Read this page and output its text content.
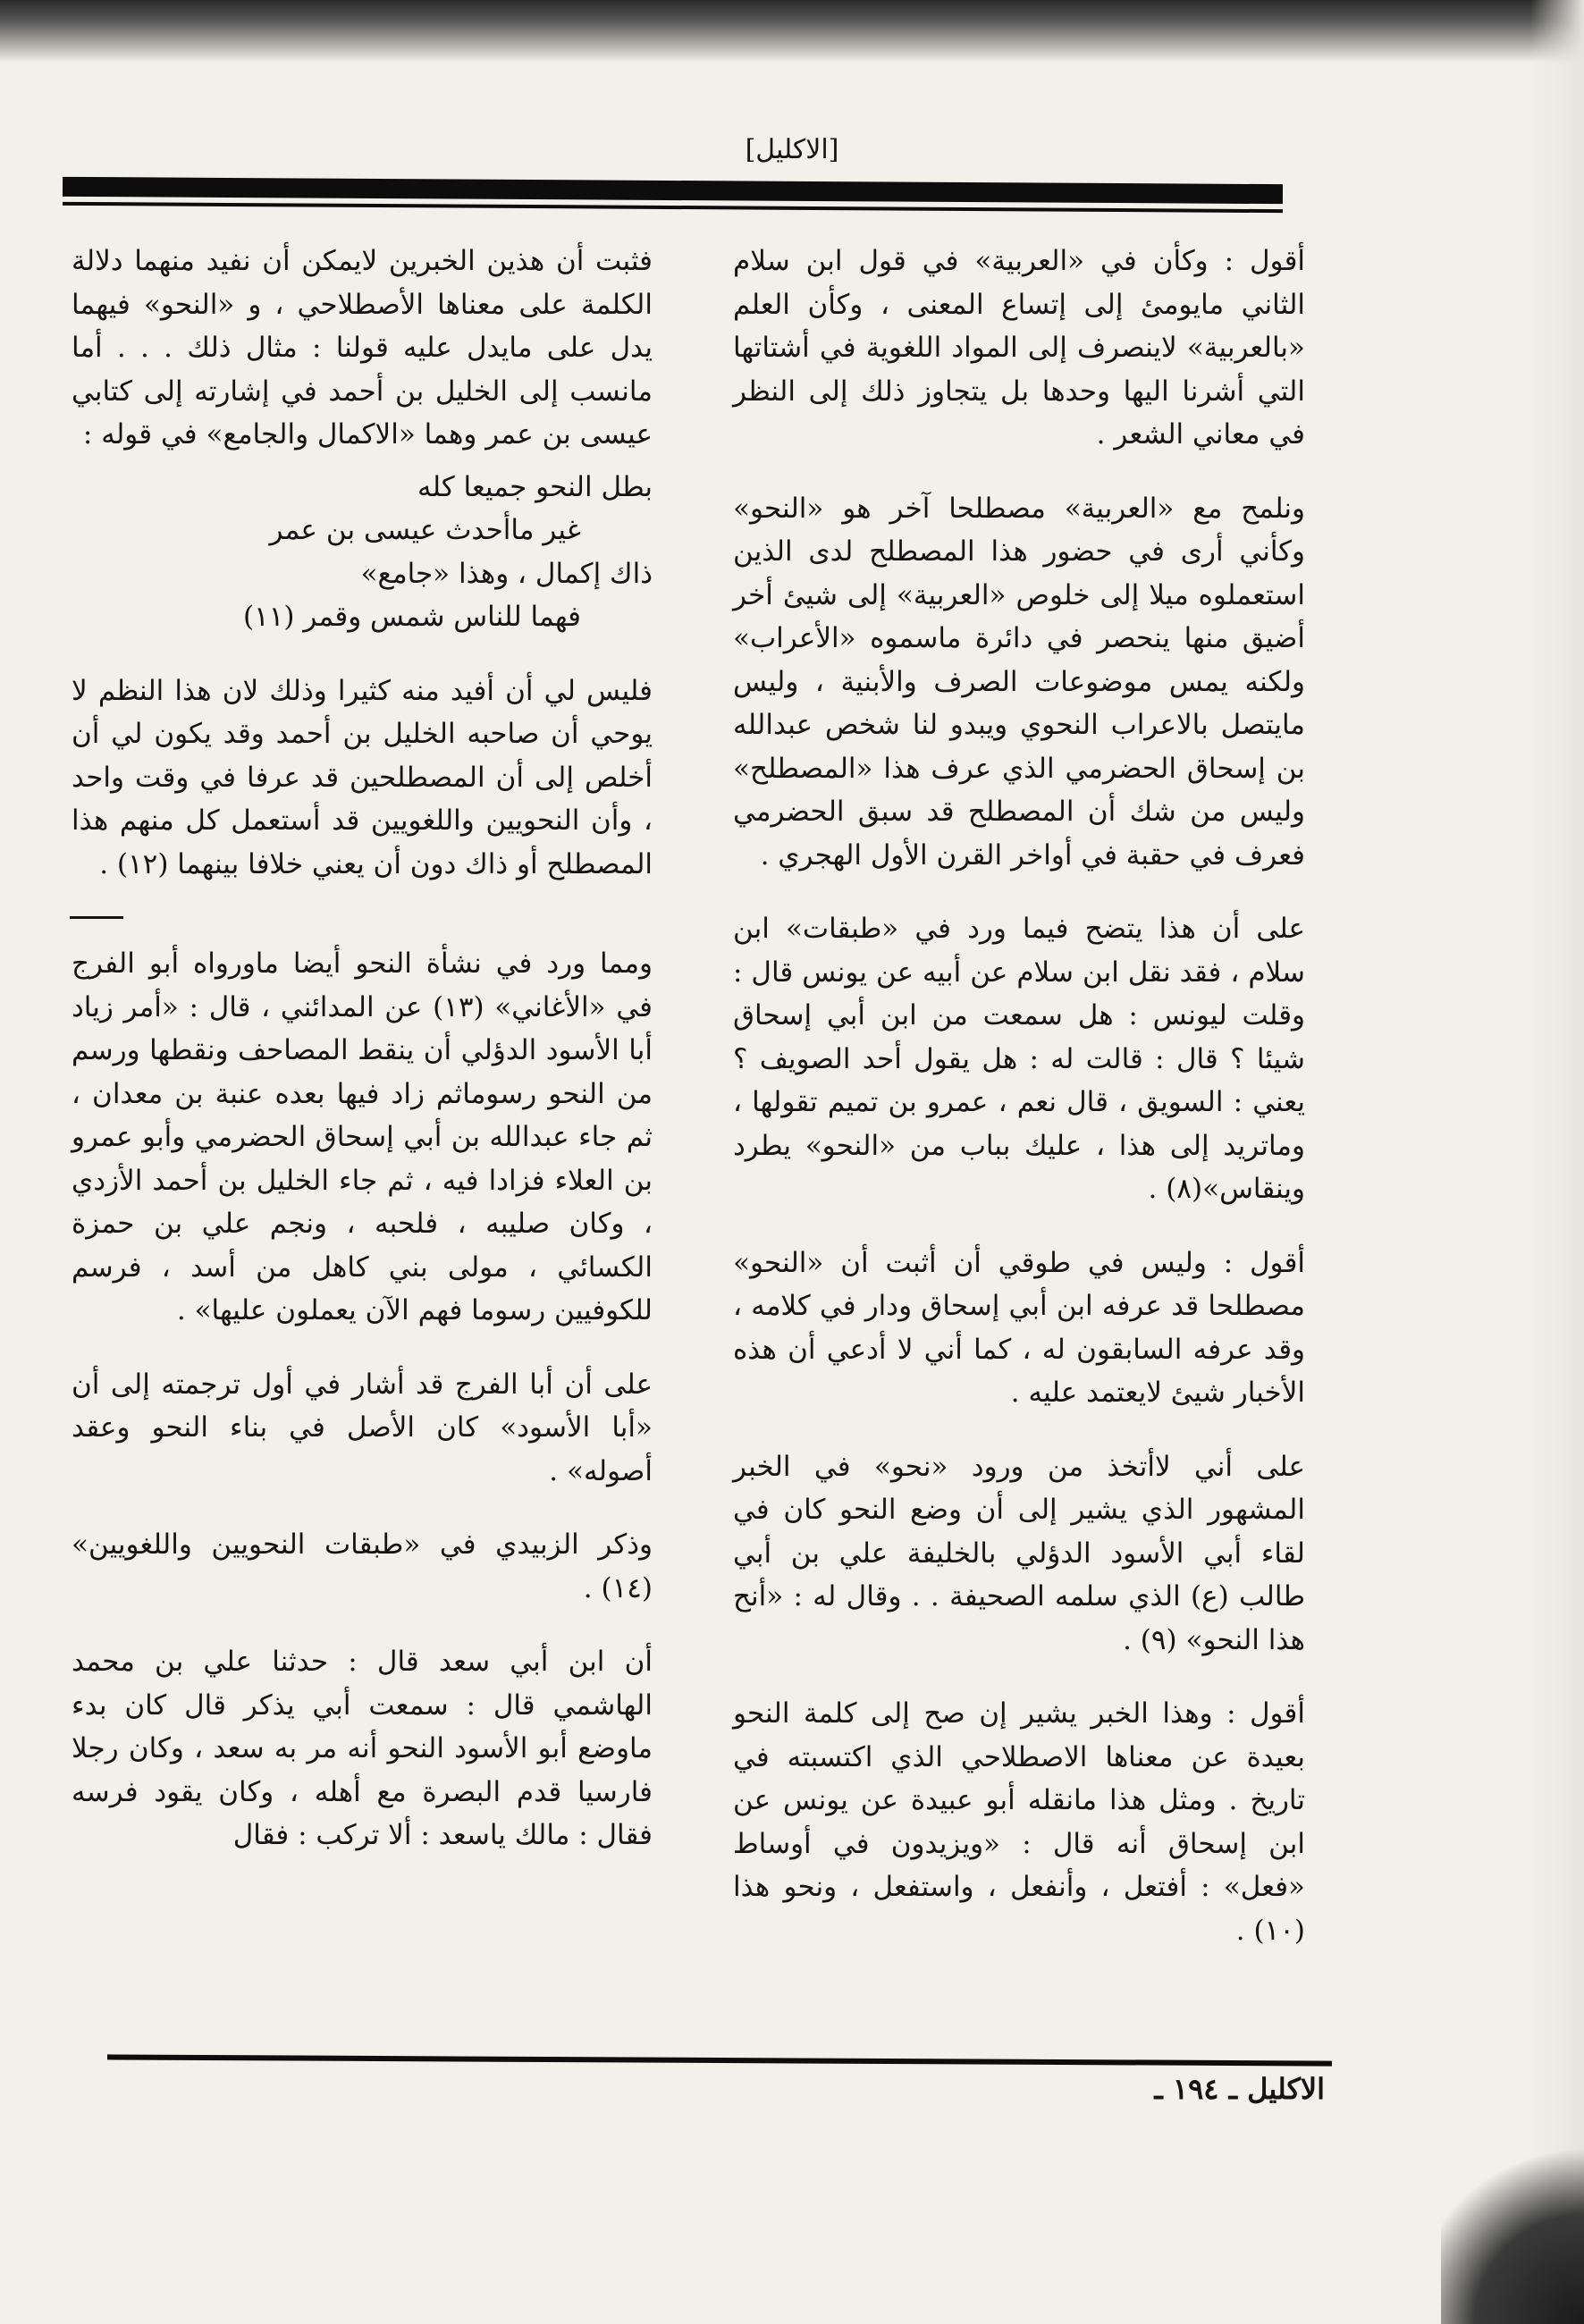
[الاكليل]

أقول : وكأن في «العربية» في قول ابن سلام الثاني مايومئ إلى إتساع المعنى ، وكأن العلم «بالعربية» لاينصرف إلى المواد اللغوية في أشتاتها التي أشرنا اليها وحدها بل يتجاوز ذلك إلى النظر في معاني الشعر .

ونلمح مع «العربية» مصطلحا آخر هو «النحو» وكأني أرى في حضور هذا المصطلح لدى الذين استعملوه ميلا إلى خلوص «العربية» إلى شيئ أخر أضيق منها ينحصر في دائرة ماسموه «الأعراب» ولكنه يمس موضوعات الصرف والأبنية ، وليس مايتصل بالاعراب النحوي ويبدو لنا شخص عبدالله بن إسحاق الحضرمي الذي عرف هذا «المصطلح» وليس من شك أن المصطلح قد سبق الحضرمي فعرف في حقبة في أواخر القرن الأول الهجري .

على أن هذا يتضح فيما ورد في «طبقات» ابن سلام ، فقد نقل ابن سلام عن أبيه عن يونس قال : وقلت ليونس : هل سمعت من ابن أبي إسحاق شيئا ؟ قال : قالت له : هل يقول أحد الصويف ؟ يعني : السويق ، قال نعم ، عمرو بن تميم تقولها ، وماتريد إلى هذا ، عليك بباب من «النحو» يطرد وينقاس»(٨) .

أقول : وليس في طوقي أن أثبت أن «النحو» مصطلحا قد عرفه ابن أبي إسحاق ودار في كلامه ، وقد عرفه السابقون له ، كما أني لا أدعي أن هذه الأخبار شيئ لايعتمد عليه .

على أني لاأتخذ من ورود «نحو» في الخبر المشهور الذي يشير إلى أن وضع النحو كان في لقاء أبي الأسود الدؤلي بالخليفة علي بن أبي طالب (ع) الذي سلمه الصحيفة . . وقال له : «أنح هذا النحو» (٩) .

أقول : وهذا الخبر يشير إن صح إلى كلمة النحو بعيدة عن معناها الاصطلاحي الذي اكتسبته في تاريخ . ومثل هذا مانقله أبو عبيدة عن يونس عن ابن إسحاق أنه قال : «ويزيدون في أوساط «فعل» : أفتعل ، وأنفعل ، واستفعل ، ونحو هذا (١٠) .

فثبت أن هذين الخبرين لايمكن أن نفيد منهما دلالة الكلمة على معناها الأصطلاحي ، و «النحو» فيهما يدل على مايدل عليه قولنا : مثال ذلك . . . أما مانسب إلى الخليل بن أحمد في إشارته إلى كتابي عيسى بن عمر وهما «الاكمال والجامع» في قوله :

بطل النحو جميعا كله

غير ماأحدث عيسى بن عمر

ذاك إكمال ، وهذا «جامع»

فهما للناس شمس وقمر (١١)

فليس لي أن أفيد منه كثيرا وذلك لان هذا النظم لا يوحي أن صاحبه الخليل بن أحمد وقد يكون لي أن أخلص إلى أن المصطلحين قد عرفا في وقت واحد ، وأن النحويين واللغويين قد أستعمل كل منهم هذا المصطلح أو ذاك دون أن يعني خلافا بينهما (١٢) .

ومما ورد في نشأة النحو أيضا ماورواه أبو الفرج في «الأغاني» (١٣) عن المدائني ، قال : «أمر زياد أبا الأسود الدؤلي أن ينقط المصاحف ونقطها ورسم من النحو رسوماثم زاد فيها بعده عنبة بن معدان ، ثم جاء عبدالله بن أبي إسحاق الحضرمي وأبو عمرو بن العلاء فزادا فيه ، ثم جاء الخليل بن أحمد الأزدي ، وكان صليبه ، فلحبه ، ونجم علي بن حمزة الكسائي ، مولى بني كاهل من أسد ، فرسم للكوفيين رسوما فهم الآن يعملون عليها» .

على أن أبا الفرج قد أشار في أول ترجمته إلى أن «أبا الأسود» كان الأصل في بناء النحو وعقد أصوله» .

وذكر الزبيدي في «طبقات النحويين واللغويين» (١٤) .

أن ابن أبي سعد قال : حدثنا علي بن محمد الهاشمي قال : سمعت أبي يذكر قال كان بدء ماوضع أبو الأسود النحو أنه مر به سعد ، وكان رجلا فارسيا قدم البصرة مع أهله ، وكان يقود فرسه فقال : مالك ياسعد : ألا تركب : فقال

الاكليل ـ ١٩٤ ـ
